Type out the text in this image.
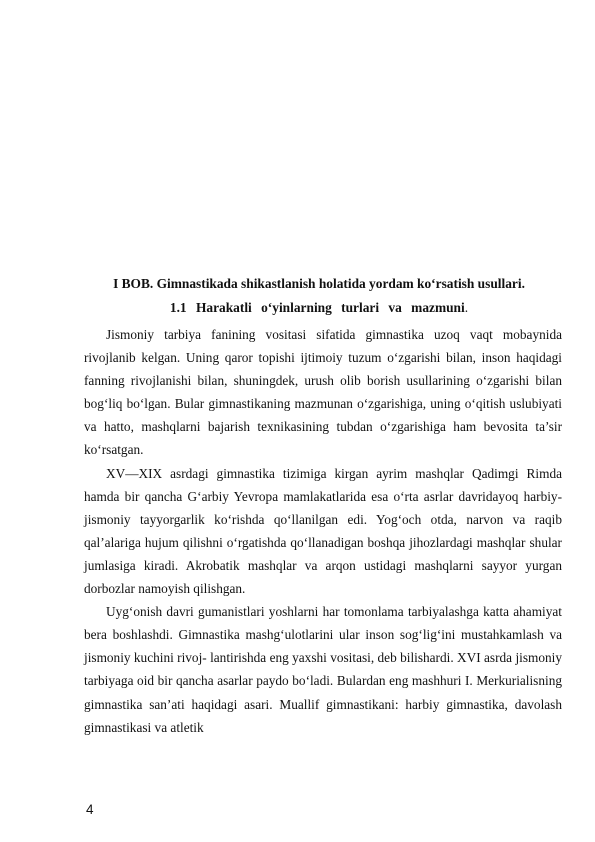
I BOB. Gimnastikada shikastlanish holatida yordam ko‘rsatish usullari.
1.1 Harakatli o‘yinlarning turlari va mazmuni.

Jismoniy tarbiya fanining vositasi sifatida gimnastika uzoq vaqt mobaynida rivojlanib kelgan. Uning qaror topishi ijtimoiy tuzum o‘zgarishi bilan, inson haqidagi fanning rivojlanishi bilan, shuningdek, urush olib borish usullarining o‘zgarishi bilan bog‘liq bo‘lgan. Bular gimnastikaning mazmunan o‘zgarishiga, uning o‘qitish uslubiyati va hatto, mashqlarni bajarish texnikasining tubdan o‘zgarishiga ham bevosita ta’sir ko‘rsatgan.

XV—XIX asrdagi gimnastika tizimiga kirgan ayrim mashqlar Qadimgi Rimda hamda bir qancha G‘arbiy Yevropa mamlakatlarida esa o‘rta asrlar davridayoq harbiy-jismoniy tayyorgarlik ko‘rishda qo‘llanilgan edi. Yog‘och otda, narvon va raqib qal’alariga hujum qilishni o‘rgatishda qo‘llanadigan boshqa jihozlardagi mashqlar shular jumlasiga kiradi. Akrobatik mashqlar va arqon ustidagi mashqlarni sayyor yurgan dorbozlar namoyish qilishgan.

Uyg‘onish davri gumanistlari yoshlarni har tomonlama tarbiyalashga katta ahamiyat bera boshlashdi. Gimnastika mashg‘ulotlarini ular inson sog‘lig‘ini mustahkamlash va jismoniy kuchini rivoj- lantirishda eng yaxshi vositasi, deb bilishardi. XVI asrda jismoniy tarbiyaga oid bir qancha asarlar paydo bo‘ladi. Bulardan eng mashhuri I. Merkurialisning gimnastika san’ati haqidagi asari. Muallif gimnastikani: harbiy gimnastika, davolash gimnastikasi va atletik

4
